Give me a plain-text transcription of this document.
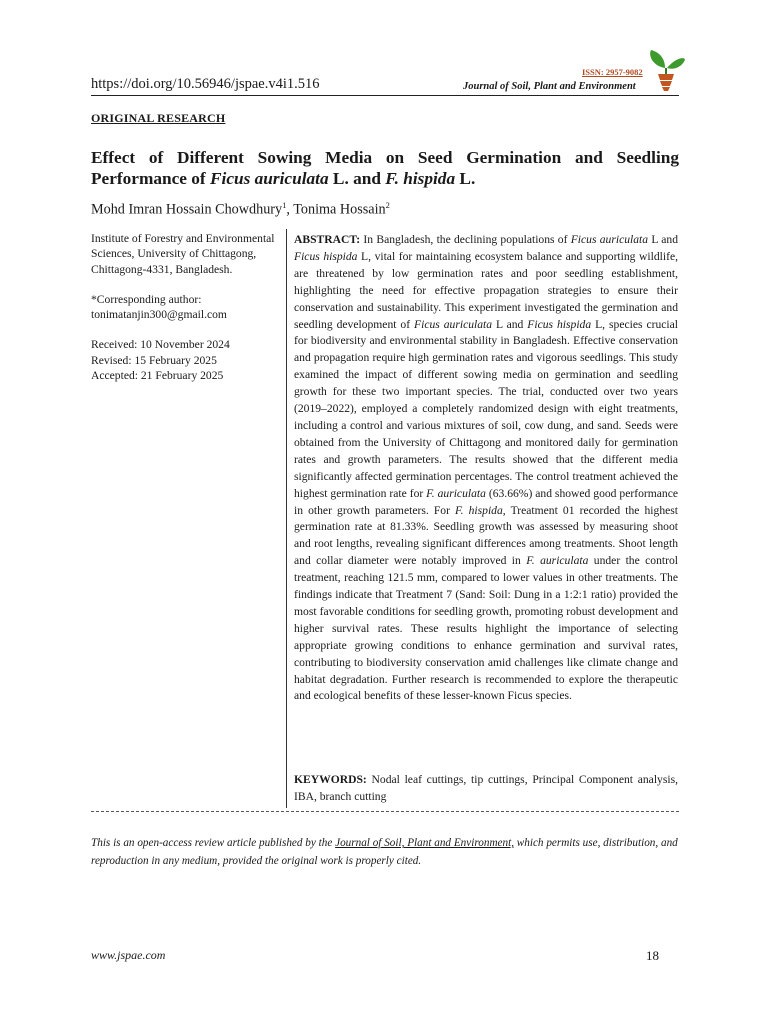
https://doi.org/10.56946/jspae.v4i1.516
ISSN: 2957-9082
Journal of Soil, Plant and Environment
ORIGINAL RESEARCH
Effect of Different Sowing Media on Seed Germination and Seedling Performance of Ficus auriculata L. and F. hispida L.
Mohd Imran Hossain Chowdhury$^1$, Tonima Hossain$^2$

Institute of Forestry and Environmental Sciences, University of Chittagong, Chittagong-4331, Bangladesh.

*Corresponding author:

tonimatanjin300@gmail.com

Received: 10 November 2024

Revised: 15 February 2025

Accepted: 21 February 2025

ABSTRACT: In Bangladesh, the declining populations of Ficus auriculata L and Ficus hispida L, vital for maintaining ecosystem balance and supporting wildlife, are threatened by low germination rates and poor seedling establishment, highlighting the need for effective propagation strategies to ensure their conservation and sustainability. This experiment investigated the germination and seedling development of Ficus auriculata L and Ficus hispida L, species crucial for biodiversity and environmental stability in Bangladesh. Effective conservation and propagation require high germination rates and vigorous seedlings. This study examined the impact of different sowing media on germination and seedling growth for these two important species. The trial, conducted over two years (2019–2022), employed a completely randomized design with eight treatments, including a control and various mixtures of soil, cow dung, and sand. Seeds were obtained from the University of Chittagong and monitored daily for germination rates and growth parameters. The results showed that the different media significantly affected germination percentages. The control treatment achieved the highest germination rate for F. auriculata (63.66%) and showed good performance in other growth parameters. For F. hispida, Treatment 01 recorded the highest germination rate at 81.33%. Seedling growth was assessed by measuring shoot and root lengths, revealing significant differences among treatments. Shoot length and collar diameter were notably improved in F. auriculata under the control treatment, reaching 121.5 mm, compared to lower values in other treatments. The findings indicate that Treatment 7 (Sand: Soil: Dung in a 1:2:1 ratio) provided the most favorable conditions for seedling growth, promoting robust development and higher survival rates. These results highlight the importance of selecting appropriate growing conditions to enhance germination and survival rates, contributing to biodiversity conservation amid challenges like climate change and habitat degradation. Further research is recommended to explore the therapeutic and ecological benefits of these lesser-known Ficus species.
KEYWORDS: Nodal leaf cuttings, tip cuttings, Principal Component analysis, IBA, branch cutting
This is an open-access review article published by the Journal of Soil, Plant and Environment, which permits use, distribution, and reproduction in any medium, provided the original work is properly cited.
www.jspae.com	18
